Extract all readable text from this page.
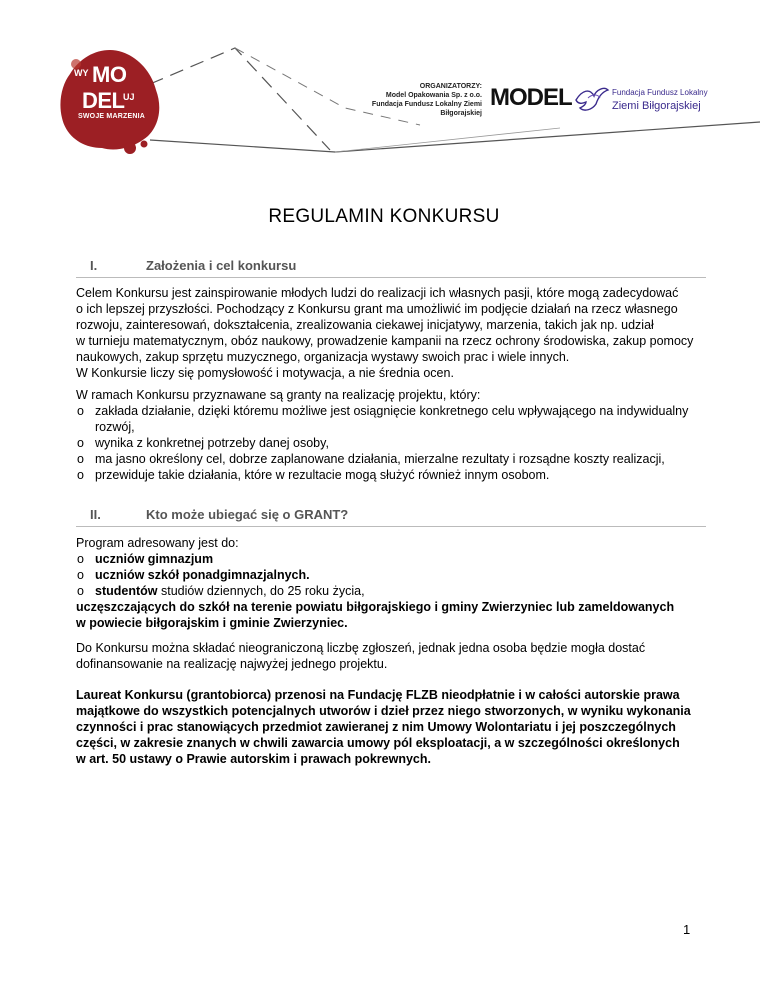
WY MO
DEL
UJ
SWOJE MARZENIA
ORGANIZATORZY:
Model Opakowania Sp. z o.o.
Fundacja Fundusz Lokalny Ziemi Biłgorajskiej
MODEL	Fundacja Fundusz Lokalny
Ziemi Biłgorajskiej
REGULAMIN KONKURSU
I.	Założenia i cel konkursu
Celem Konkursu jest zainspirowanie młodych ludzi do realizacji ich własnych pasji, które mogą zadecydować
o ich lepszej przyszłości. Pochodzący z Konkursu grant ma umożliwić im podjęcie działań na rzecz własnego
rozwoju, zainteresowań, dokształcenia, zrealizowania ciekawej inicjatywy, marzenia, takich jak np. udział
w turnieju matematycznym, obóz naukowy, prowadzenie kampanii na rzecz ochrony środowiska, zakup pomocy
naukowych, zakup sprzętu muzycznego, organizacja wystawy swoich prac i wiele innych.
W Konkursie liczy się pomysłowość i motywacja, a nie średnia ocen.
W ramach Konkursu przyznawane są granty na realizację projektu, który:
o zakłada działanie, dzięki któremu możliwe jest osiągnięcie konkretnego celu wpływającego na indywidualny
rozwój,
o wynika z konkretnej potrzeby danej osoby,
o ma jasno określony cel, dobrze zaplanowane działania, mierzalne rezultaty i rozsądne koszty realizacji,
o przewiduje takie działania, które w rezultacie mogą służyć również innym osobom.
II.	Kto może ubiegać się o GRANT?
Program adresowany jest do:
o uczniów gimnazjum
o uczniów szkół ponadgimnazjalnych.
o studentów studiów dziennych, do 25 roku życia,
uczęszczających do szkół na terenie powiatu biłgorajskiego i gminy Zwierzyniec lub zameldowanych
w powiecie biłgorajskim i gminie Zwierzyniec.
Do Konkursu można składać nieograniczoną liczbę zgłoszeń, jednak jedna osoba będzie mogła dostać
dofinansowanie na realizację najwyżej jednego projektu.
Laureat Konkursu (grantobiorca) przenosi na Fundację FLZB nieodpłatnie i w całości autorskie prawa
majątkowe do wszystkich potencjalnych utworów i dzieł przez niego stworzonych, w wyniku wykonania
czynności i prac stanowiących przedmiot zawieranej z nim Umowy Wolontariatu i jej poszczególnych
części, w zakresie znanych w chwili zawarcia umowy pól eksploatacji, a w szczególności określonych
w art. 50 ustawy o Prawie autorskim i prawach pokrewnych.
1
